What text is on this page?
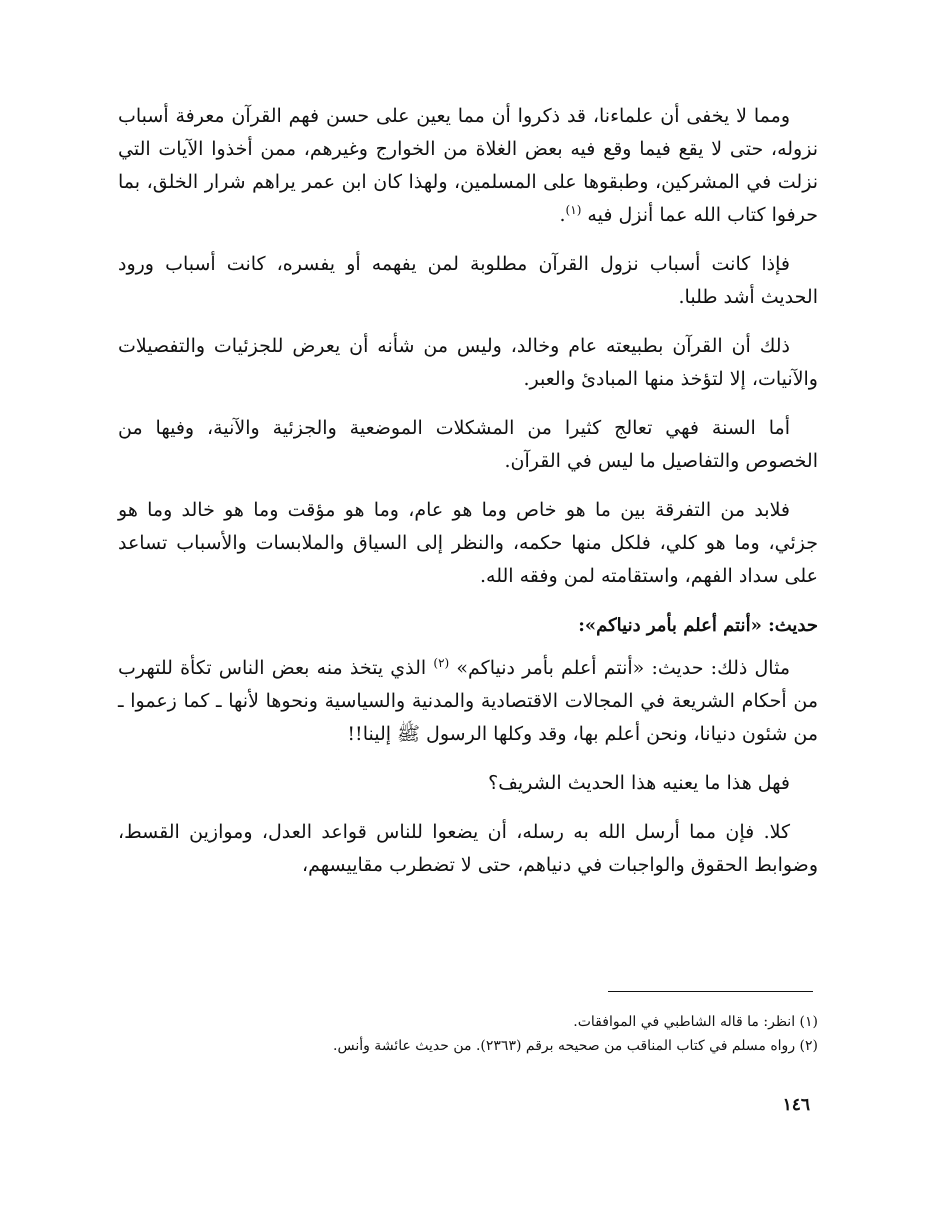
ومما لا يخفى أن علماءنا، قد ذكروا أن مما يعين على حسن فهم القرآن معرفة أسباب نزوله، حتى لا يقع فيما وقع فيه بعض الغلاة من الخوارج وغيرهم، ممن أخذوا الآيات التي نزلت في المشركين، وطبقوها على المسلمين، ولهذا كان ابن عمر يراهم شرار الخلق، بما حرفوا كتاب الله عما أنزل فيه $^{(١)}$.

فإذا كانت أسباب نزول القرآن مطلوبة لمن يفهمه أو يفسره، كانت أسباب ورود الحديث أشد طلبا.

ذلك أن القرآن بطبيعته عام وخالد، وليس من شأنه أن يعرض للجزئيات والتفصيلات والآنيات، إلا لتؤخذ منها المبادئ والعبر.

أما السنة فهي تعالج كثيرا من المشكلات الموضعية والجزئية والآنية، وفيها من الخصوص والتفاصيل ما ليس في القرآن.

فلابد من التفرقة بين ما هو خاص وما هو عام، وما هو مؤقت وما هو خالد وما هو جزئي، وما هو كلي، فلكل منها حكمه، والنظر إلى السياق والملابسات والأسباب تساعد على سداد الفهم، واستقامته لمن وفقه الله.

حديث: «أنتم أعلم بأمر دنياكم»:

مثال ذلك: حديث: «أنتم أعلم بأمر دنياكم» $^{(٢)}$ الذي يتخذ منه بعض الناس تكأة للتهرب من أحكام الشريعة في المجالات الاقتصادية والمدنية والسياسية ونحوها لأنها ـ كما زعموا ـ من شئون دنيانا، ونحن أعلم بها، وقد وكلها الرسول ﷺ إلينا!!

فهل هذا ما يعنيه هذا الحديث الشريف؟

كلا. فإن مما أرسل الله به رسله، أن يضعوا للناس قواعد العدل، وموازين القسط، وضوابط الحقوق والواجبات في دنياهم، حتى لا تضطرب مقاييسهم،

(١) انظر: ما قاله الشاطبي في الموافقات.

(٢) رواه مسلم في كتاب المناقب من صحيحه برقم (٢٣٦٣). من حديث عائشة وأنس.

١٤٦
